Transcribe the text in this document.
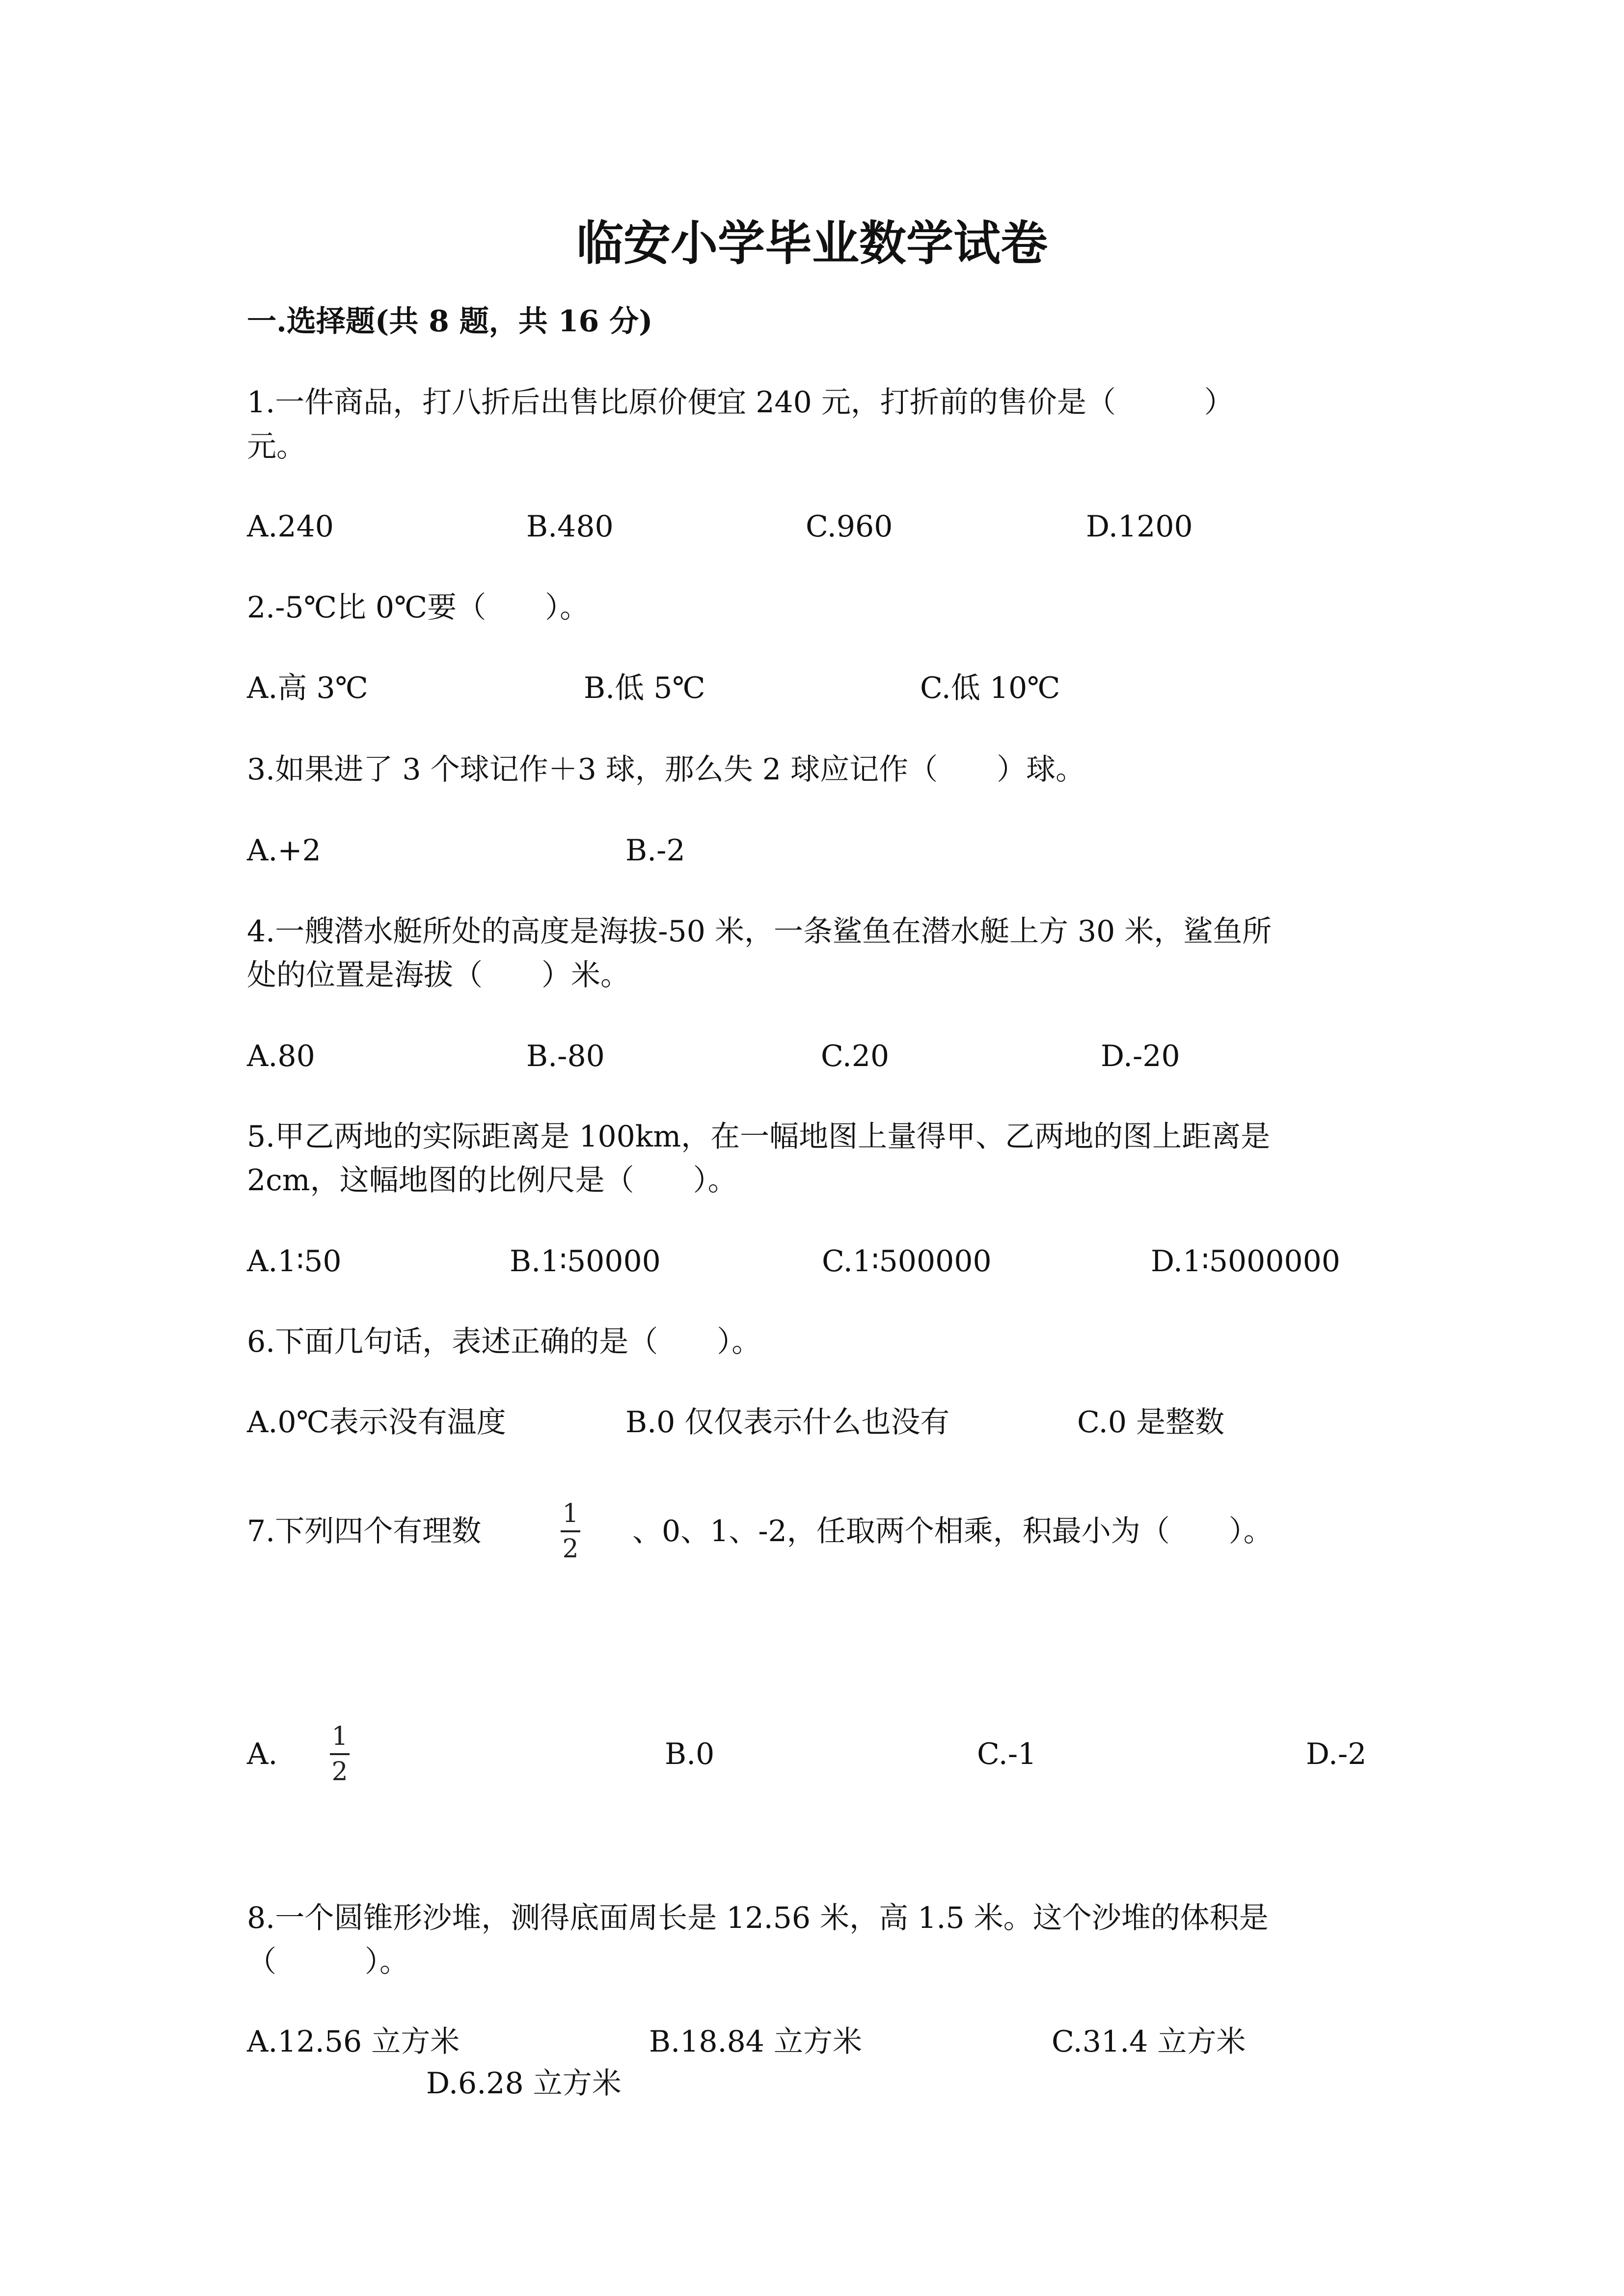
临安小学毕业数学试卷
一.选择题(共 8 题，共 16 分)
1.一件商品，打八折后出售比原价便宜 240 元，打折前的售价是（　　　）
元。
A.240	B.480	C.960	D.1200
2.-5℃比 0℃要（　　）。
A.高 3℃	B.低 5℃	C.低 10℃
3.如果进了 3 个球记作＋3 球，那么失 2 球应记作（　　）球。
A.+2	B.-2
4.一艘潜水艇所处的高度是海拔-50 米，一条鲨鱼在潜水艇上方 30 米，鲨鱼所
处的位置是海拔（　　）米。
A.80	B.-80	C.20	D.-20
5.甲乙两地的实际距离是 100km，在一幅地图上量得甲、乙两地的图上距离是
2cm，这幅地图的比例尺是（　　）。
A.1∶50	B.1∶50000	C.1∶500000	D.1∶5000000
6.下面几句话，表述正确的是（　　）。
A.0℃表示没有温度	B.0 仅仅表示什么也没有	C.0 是整数
7.下列四个有理数
1
2
、0、1、-2，任取两个相乘，积最小为（　　）。
A.
1
2
B.0	C.-1	D.-2
8.一个圆锥形沙堆，测得底面周长是 12.56 米，高 1.5 米。这个沙堆的体积是
（　　　）。
A.12.56 立方米	B.18.84 立方米	C.31.4 立方米
D.6.28 立方米
